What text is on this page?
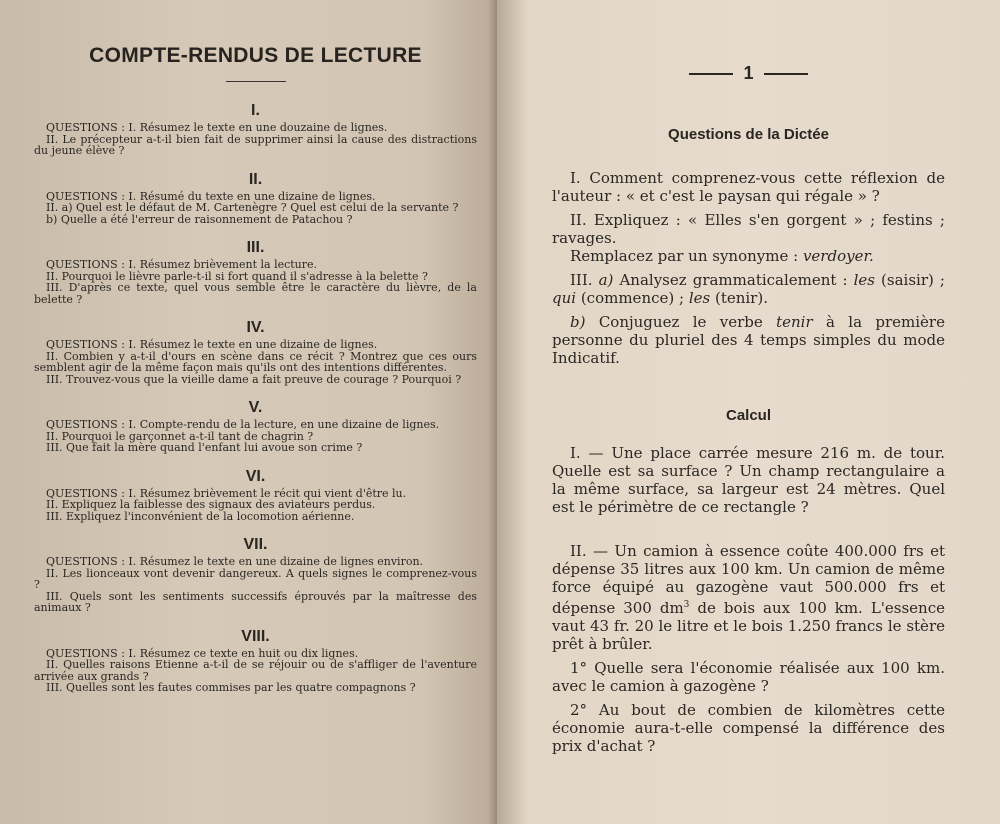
COMPTE-RENDUS DE LECTURE
I.

QUESTIONS : I. Résumez le texte en une douzaine de lignes.

II. Le précepteur a-t-il bien fait de supprimer ainsi la cause des distractions du jeune élève ?

II.

QUESTIONS : I. Résumé du texte en une dizaine de lignes.

II. a) Quel est le défaut de M. Cartenègre ? Quel est celui de la servante ?

b) Quelle a été l'erreur de raisonnement de Patachou ?

III.

QUESTIONS : I. Résumez brièvement la lecture.

II. Pourquoi le lièvre parle-t-il si fort quand il s'adresse à la belette ?

III. D'après ce texte, quel vous semble être le caractère du lièvre, de la belette ?

IV.

QUESTIONS : I. Résumez le texte en une dizaine de lignes.

II. Combien y a-t-il d'ours en scène dans ce récit ? Montrez que ces ours semblent agir de la même façon mais qu'ils ont des intentions différentes.

III. Trouvez-vous que la vieille dame a fait preuve de courage ? Pourquoi ?

V.

QUESTIONS : I. Compte-rendu de la lecture, en une dizaine de lignes.

II. Pourquoi le garçonnet a-t-il tant de chagrin ?

III. Que fait la mère quand l'enfant lui avoue son crime ?

VI.

QUESTIONS : I. Résumez brièvement le récit qui vient d'être lu.

II. Expliquez la faiblesse des signaux des aviateurs perdus.

III. Expliquez l'inconvénient de la locomotion aérienne.

VII.

QUESTIONS : I. Résumez le texte en une dizaine de lignes environ.

II. Les lionceaux vont devenir dangereux. A quels signes le comprenez-vous ?

III. Quels sont les sentiments successifs éprouvés par la maîtresse des animaux ?

VIII.

QUESTIONS : I. Résumez ce texte en huit ou dix lignes.

II. Quelles raisons Etienne a-t-il de se réjouir ou de s'affliger de l'aventure arrivée aux grands ?

III. Quelles sont les fautes commises par les quatre compagnons ?

1
Questions de la Dictée

I. Comment comprenez-vous cette réflexion de l'auteur : « et c'est le paysan qui régale » ?

II. Expliquez : « Elles s'en gorgent » ; festins ; ravages.

Remplacez par un synonyme : verdoyer.

III. a) Analysez grammaticalement : les (saisir) ; qui (commence) ; les (tenir).

b) Conjuguez le verbe tenir à la première personne du pluriel des 4 temps simples du mode Indicatif.

Calcul

I. — Une place carrée mesure 216 m. de tour. Quelle est sa surface ? Un champ rectangulaire a la même surface, sa largeur est 24 mètres. Quel est le périmètre de ce rectangle ?

II. — Un camion à essence coûte 400.000 frs et dépense 35 litres aux 100 km. Un camion de même force équipé au gazogène vaut 500.000 frs et dépense 300 $dm^3$ de bois aux 100 km. L'essence vaut 43 fr. 20 le litre et le bois 1.250 francs le stère prêt à brûler.

1° Quelle sera l'économie réalisée aux 100 km. avec le camion à gazogène ?

2° Au bout de combien de kilomètres cette économie aura-t-elle compensé la différence des prix d'achat ?
